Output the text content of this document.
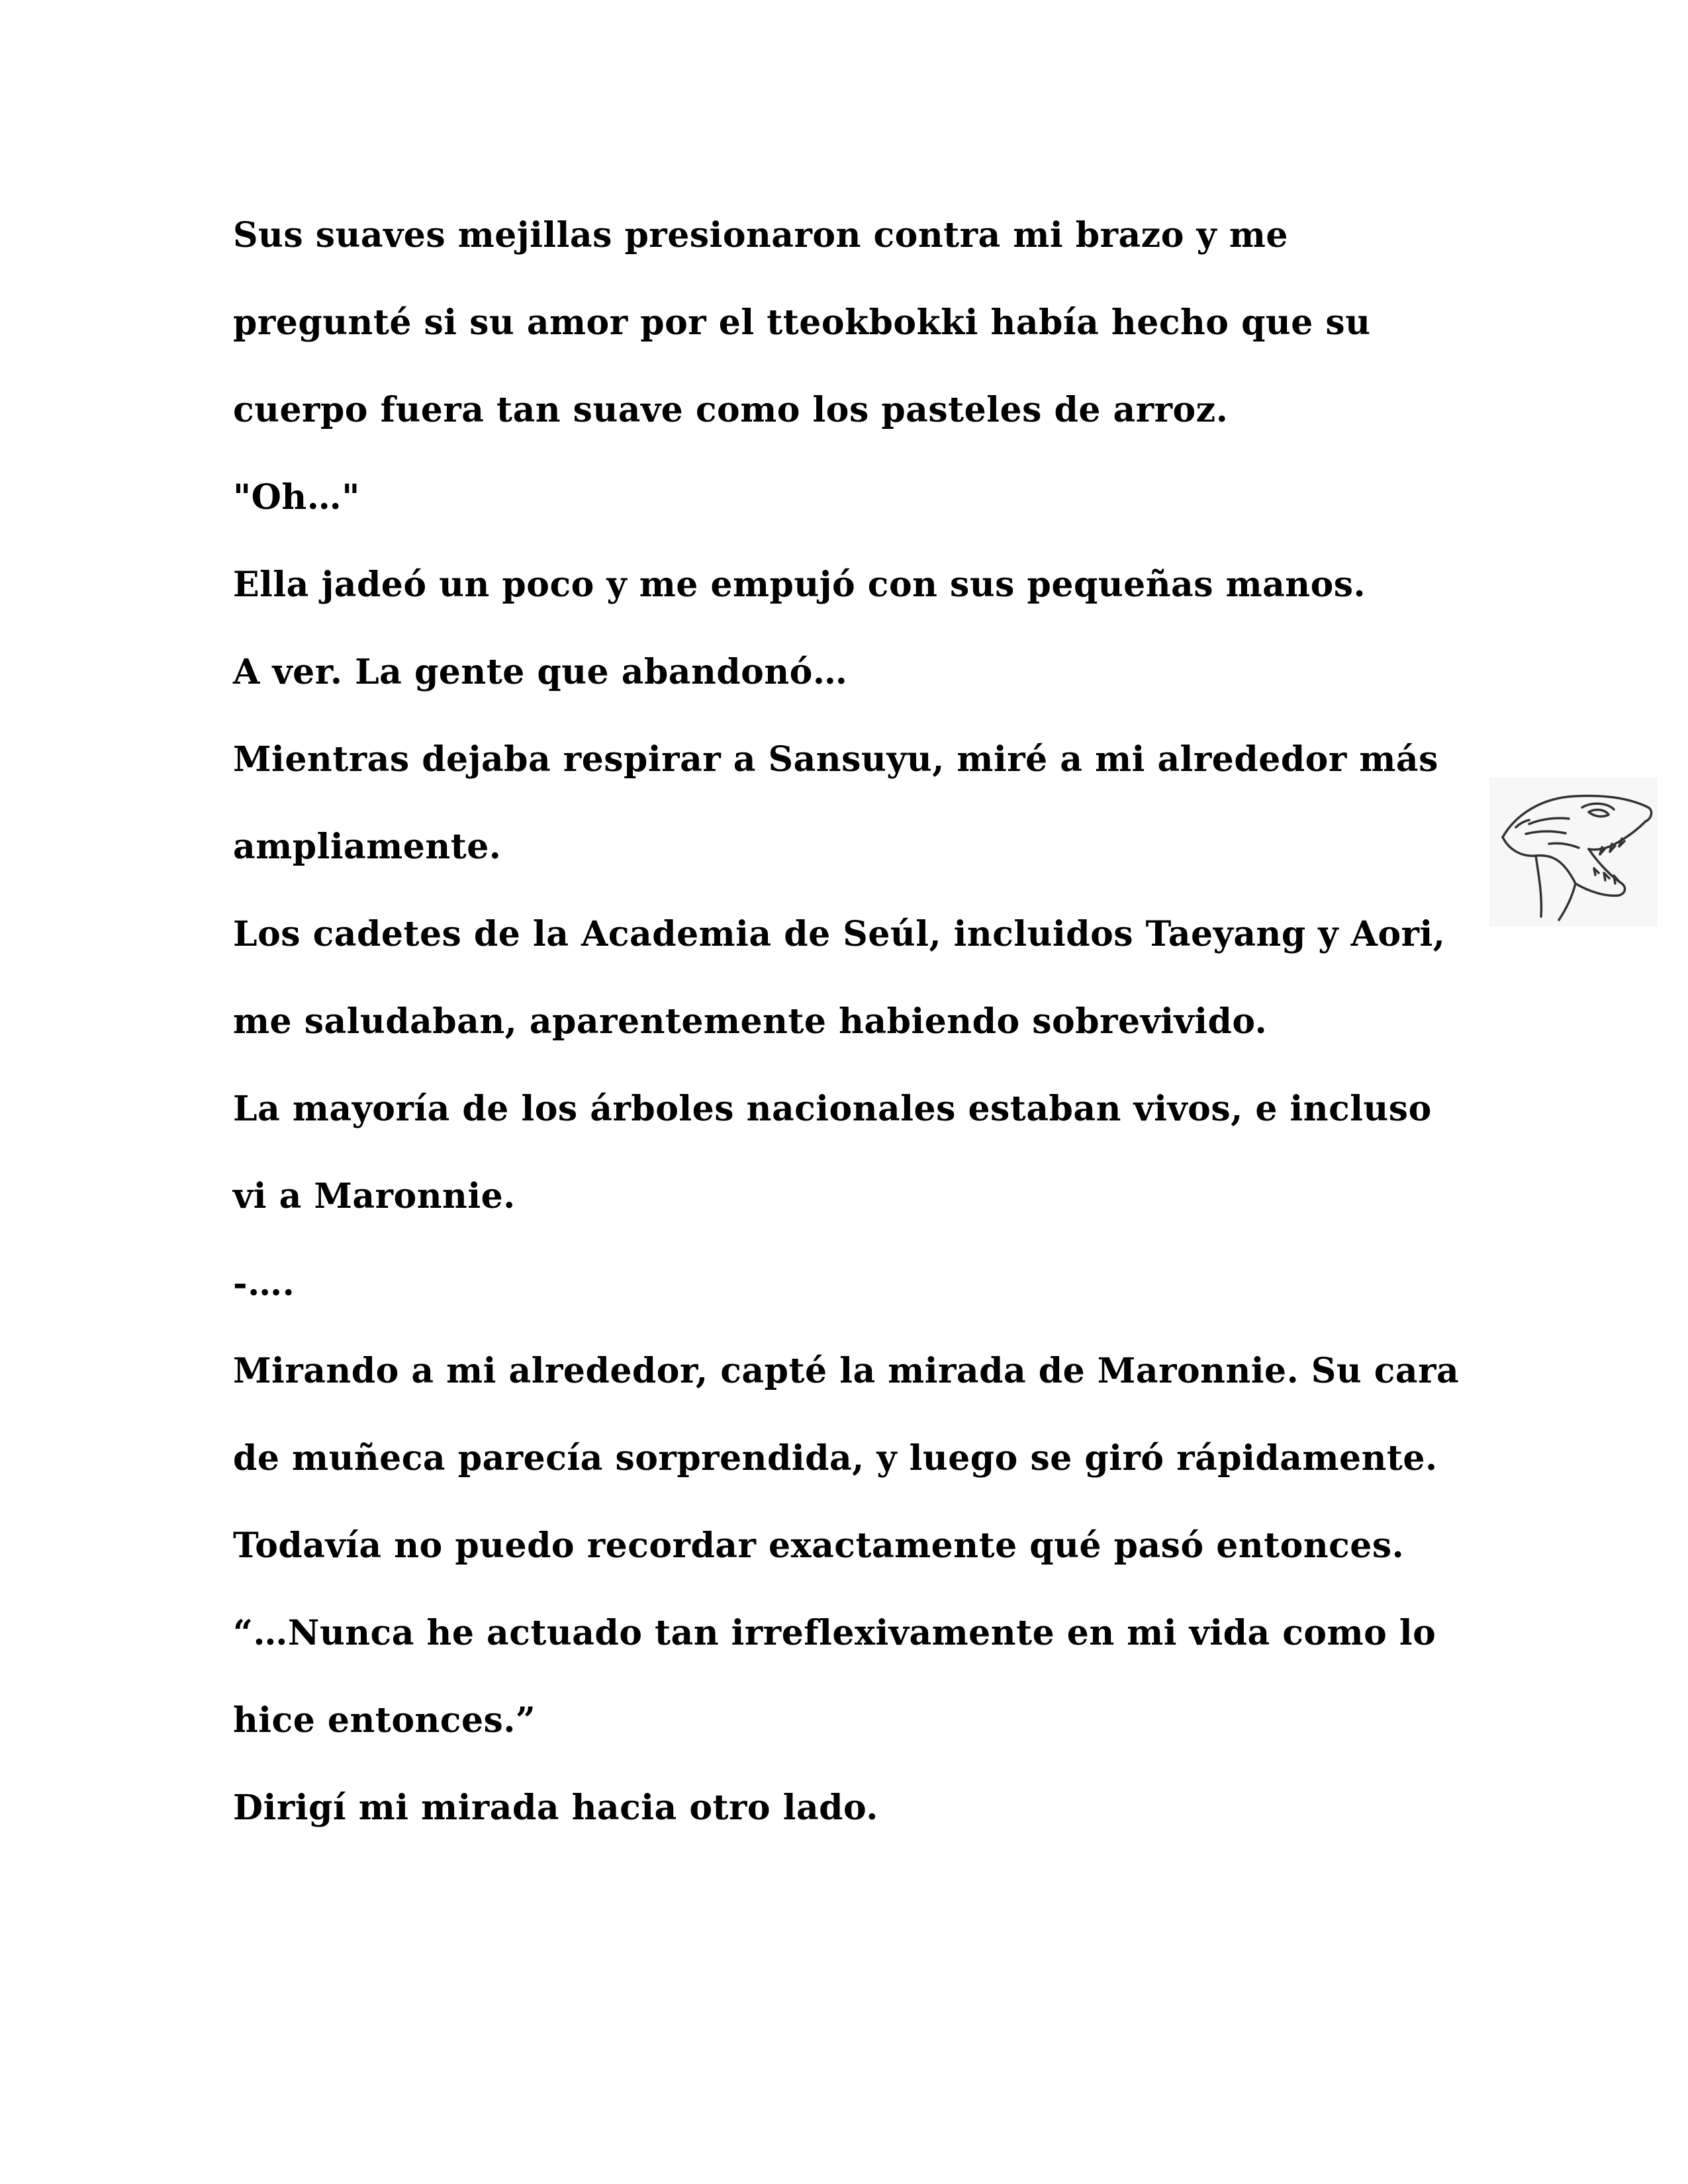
Sus suaves mejillas presionaron contra mi brazo y me
pregunté si su amor por el tteokbokki había hecho que su
cuerpo fuera tan suave como los pasteles de arroz.
"Oh…"
Ella jadeó un poco y me empujó con sus pequeñas manos.
A ver. La gente que abandonó…
Mientras dejaba respirar a Sansuyu, miré a mi alrededor más
ampliamente.
Los cadetes de la Academia de Seúl, incluidos Taeyang y Aori,
me saludaban, aparentemente habiendo sobrevivido.
La mayoría de los árboles nacionales estaban vivos, e incluso
vi a Maronnie.
-….
Mirando a mi alrededor, capté la mirada de Maronnie. Su cara
de muñeca parecía sorprendida, y luego se giró rápidamente.
Todavía no puedo recordar exactamente qué pasó entonces.
“…Nunca he actuado tan irreflexivamente en mi vida como lo
hice entonces.”
Dirigí mi mirada hacia otro lado.
